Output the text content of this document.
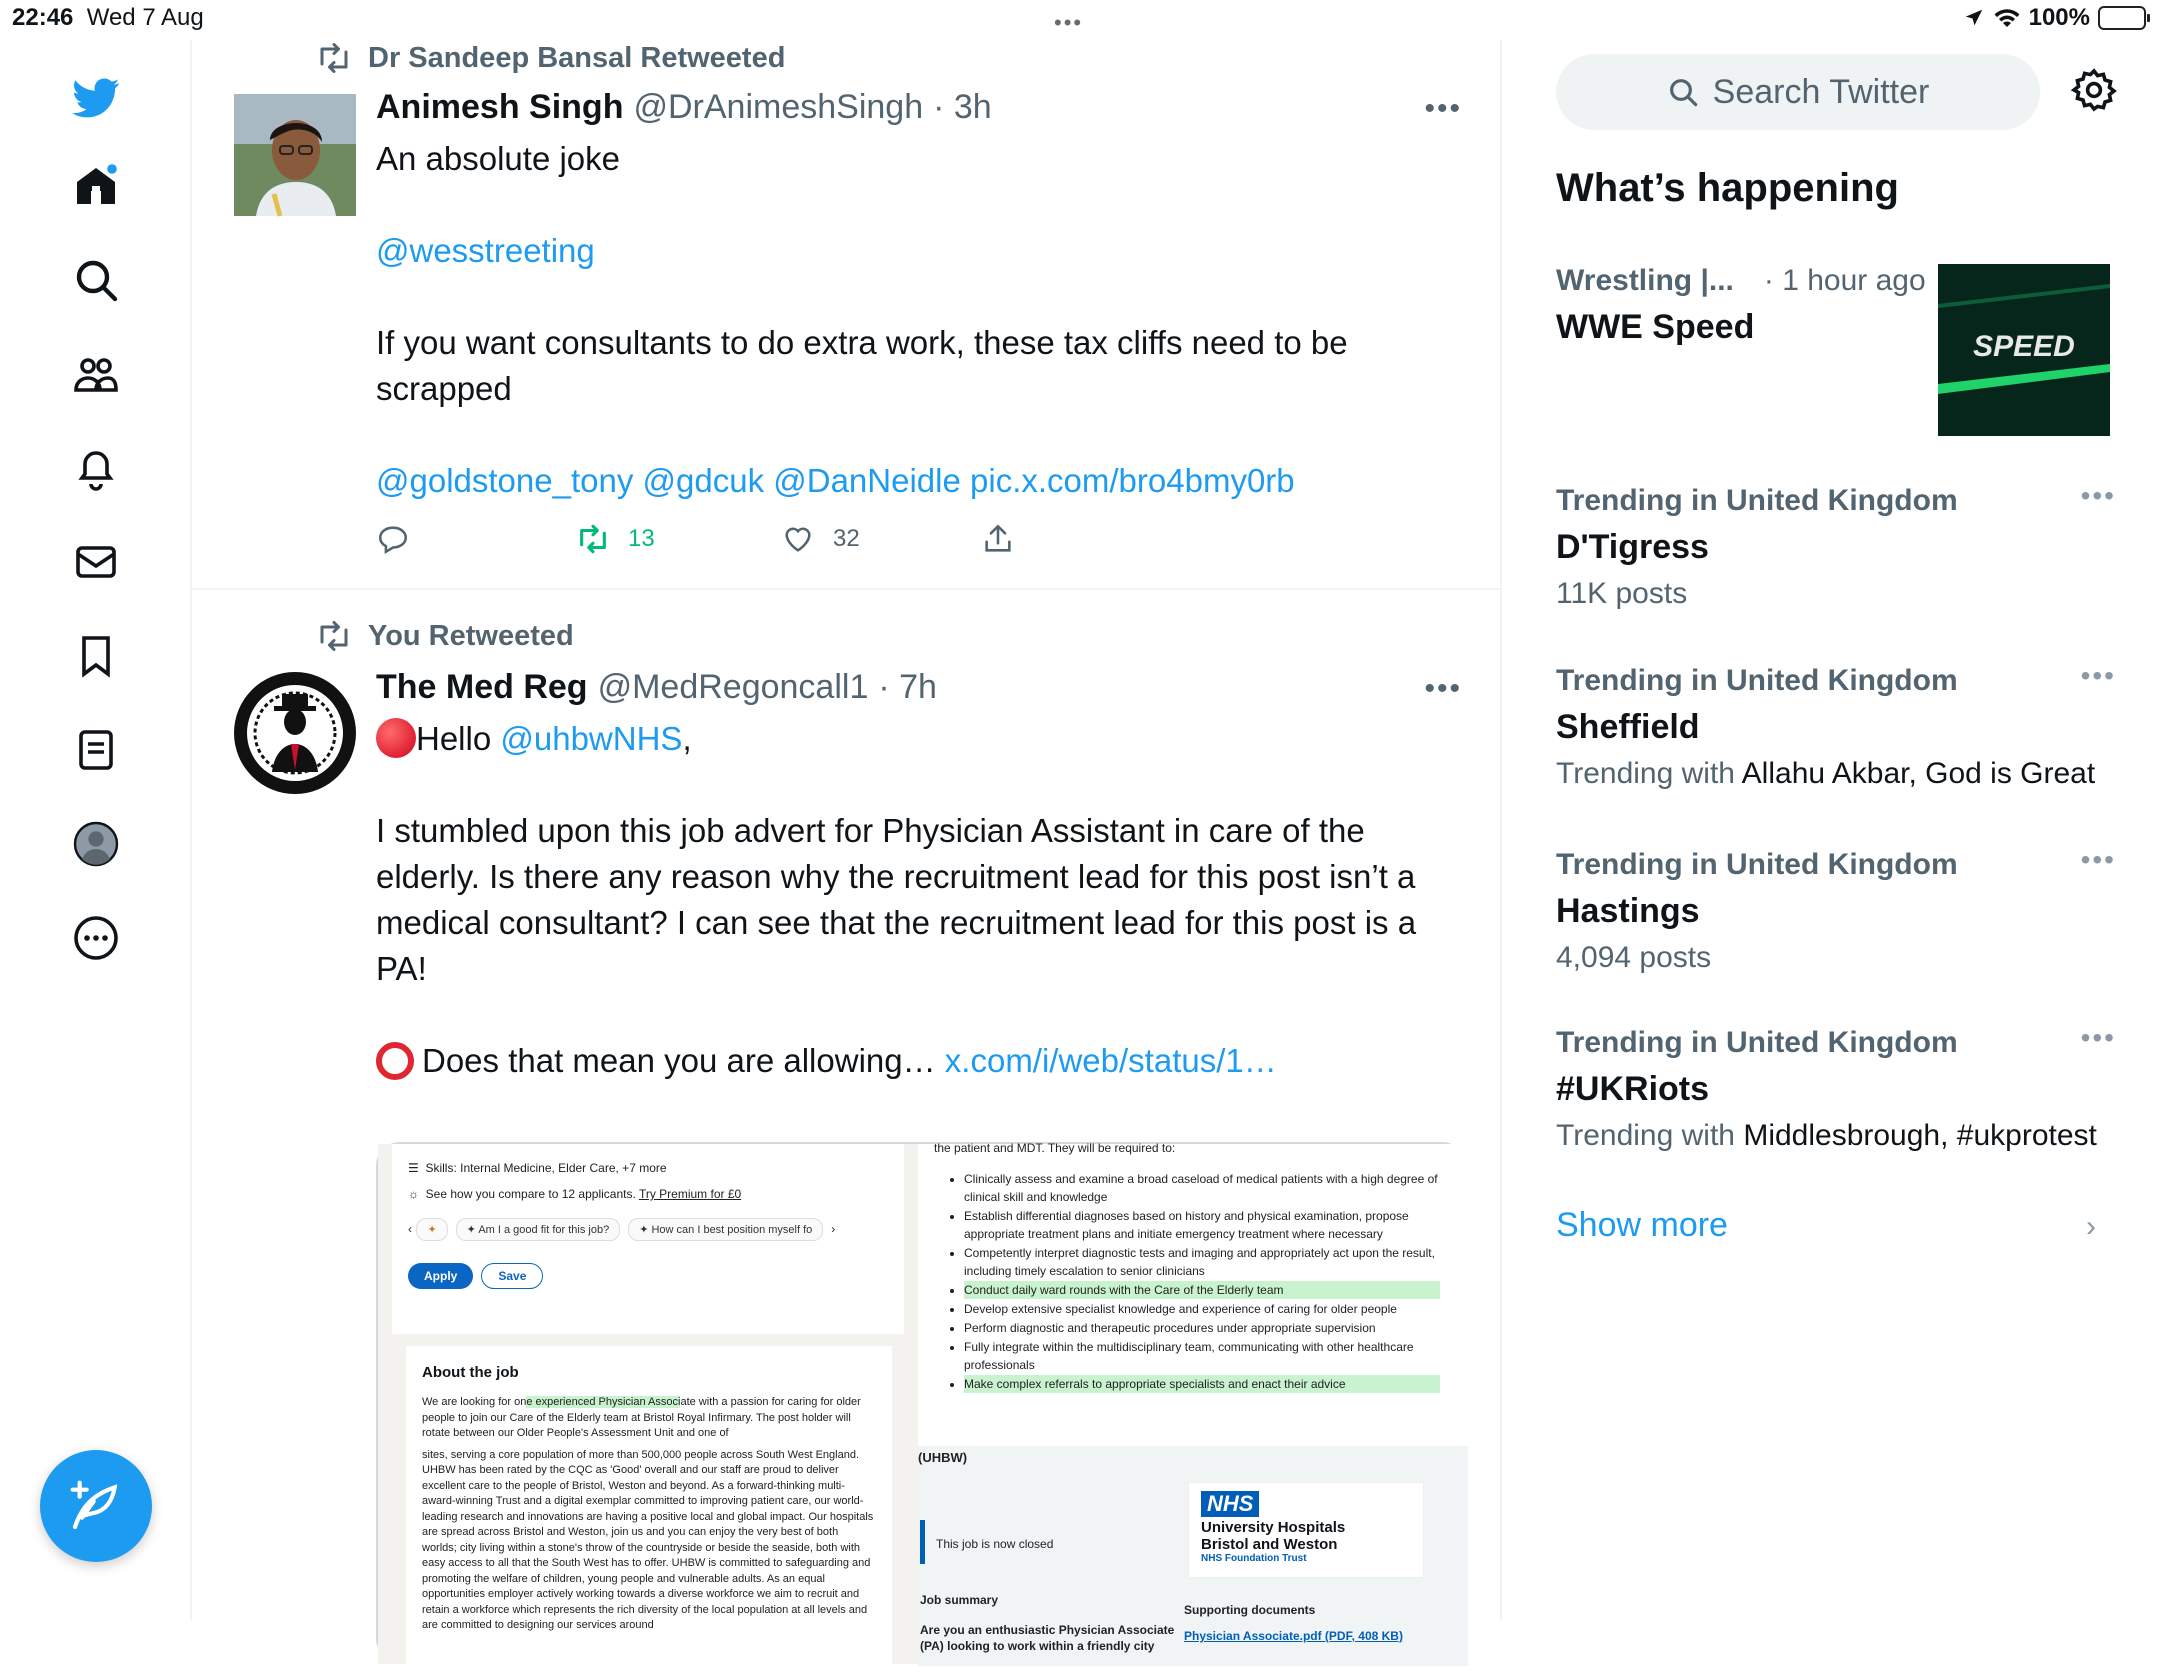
22:46 Wed 7 Aug	•••	100%
Dr Sandeep Bansal Retweeted
Animesh Singh @DrAnimeshSingh · 3h	•••
An absolute joke
@wesstreeting
If you want consultants to do extra work, these tax cliffs need to be scrapped
@goldstone_tony @gdcuk @DanNeidle pic.x.com/bro4bmy0rb
13	32
You Retweeted
The Med Reg @MedRegoncall1 · 7h	•••
Hello @uhbwNHS,
I stumbled upon this job advert for Physician Assistant in care of the elderly. Is there any reason why the recruitment lead for this post isn’t a medical consultant? I can see that the recruitment lead for this post is a PA!
Does that mean you are allowing… x.com/i/web/status/1…
☰  Skills: Internal Medicine, Elder Care, +7 more
☼  See how you compare to 12 applicants. Try Premium for £0
‹ ✦	✦ Am I a good fit for this job?	✦ How can I best position myself fo ›
Apply	Save
About the job
We are looking for one experienced Physician Associate with a passion for caring for older people to join our Care of the Elderly team at Bristol Royal Infirmary. The post holder will rotate between our Older People's Assessment Unit and one of
sites, serving a core population of more than 500,000 people across South West England. UHBW has been rated by the CQC as 'Good' overall and our staff are proud to deliver excellent care to the people of Bristol, Weston and beyond. As a forward-thinking multi-award-winning Trust and a digital exemplar committed to improving patient care, our world-leading research and innovations are having a positive local and global impact. Our hospitals are spread across Bristol and Weston, join us and you can enjoy the very best of both worlds; city living within a stone's throw of the countryside or beside the seaside, both with easy access to all that the South West has to offer. UHBW is committed to safeguarding and promoting the welfare of children, young people and vulnerable adults. As an equal opportunities employer actively working towards a diverse workforce we aim to recruit and retain a workforce which represents the rich diversity of the local population at all levels and are committed to designing our services around
the patient and MDT. They will be required to:
• Clinically assess and examine a broad caseload of medical patients with a high degree of clinical skill and knowledge
• Establish differential diagnoses based on history and physical examination, propose appropriate treatment plans and initiate emergency treatment where necessary
• Competently interpret diagnostic tests and imaging and appropriately act upon the result, including timely escalation to senior clinicians
• Conduct daily ward rounds with the Care of the Elderly team
• Develop extensive specialist knowledge and experience of caring for older people
• Perform diagnostic and therapeutic procedures under appropriate supervision
• Fully integrate within the multidisciplinary team, communicating with other healthcare professionals
• Make complex referrals to appropriate specialists and enact their advice
(UHBW)
This job is now closed
NHS
University Hospitals
Bristol and Weston
NHS Foundation Trust
Job summary
Are you an enthusiastic Physician Associate (PA) looking to work within a friendly city
Supporting documents
Physician Associate.pdf (PDF, 408 KB)
Search Twitter
What’s happening
Wrestling |... · 1 hour ago
WWE Speed
SPEED
Trending in United Kingdom	•••
D'Tigress
11K posts
Trending in United Kingdom	•••
Sheffield
Trending with Allahu Akbar, God is Great
Trending in United Kingdom	•••
Hastings
4,094 posts
Trending in United Kingdom	•••
#UKRiots
Trending with Middlesbrough, #ukprotest
Show more	›
